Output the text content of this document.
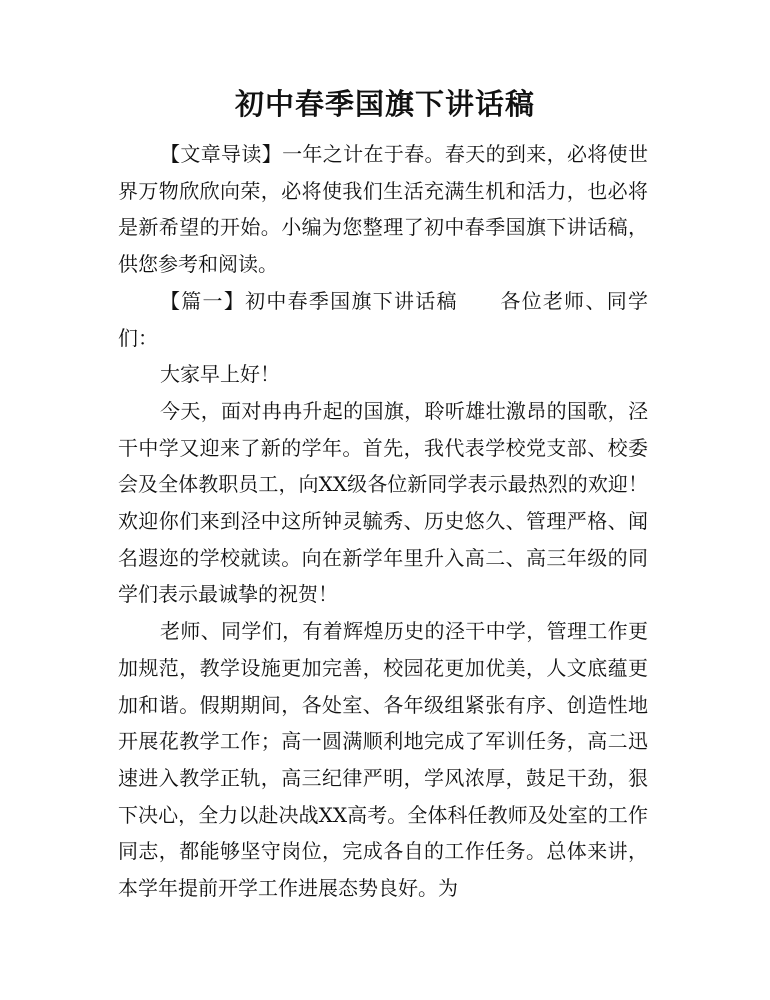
初中春季国旗下讲话稿

【文章导读】一年之计在于春。春天的到来，必将使世界万物欣欣向荣，必将使我们生活充满生机和活力，也必将是新希望的开始。小编为您整理了初中春季国旗下讲话稿，供您参考和阅读。

【篇一】初中春季国旗下讲话稿　　各位老师、同学们：

大家早上好！

今天，面对冉冉升起的国旗，聆听雄壮激昂的国歌，泾干中学又迎来了新的学年。首先，我代表学校党支部、校委会及全体教职员工，向XX级各位新同学表示最热烈的欢迎！欢迎你们来到泾中这所钟灵毓秀、历史悠久、管理严格、闻名遐迩的学校就读。向在新学年里升入高二、高三年级的同学们表示最诚挚的祝贺！

老师、同学们，有着辉煌历史的泾干中学，管理工作更加规范，教学设施更加完善，校园花更加优美，人文底蕴更加和谐。假期期间，各处室、各年级组紧张有序、创造性地开展花教学工作；高一圆满顺利地完成了军训任务，高二迅速进入教学正轨，高三纪律严明，学风浓厚，鼓足干劲，狠下决心，全力以赴决战XX高考。全体科任教师及处室的工作同志，都能够坚守岗位，完成各自的工作任务。总体来讲，本学年提前开学工作进展态势良好。为
